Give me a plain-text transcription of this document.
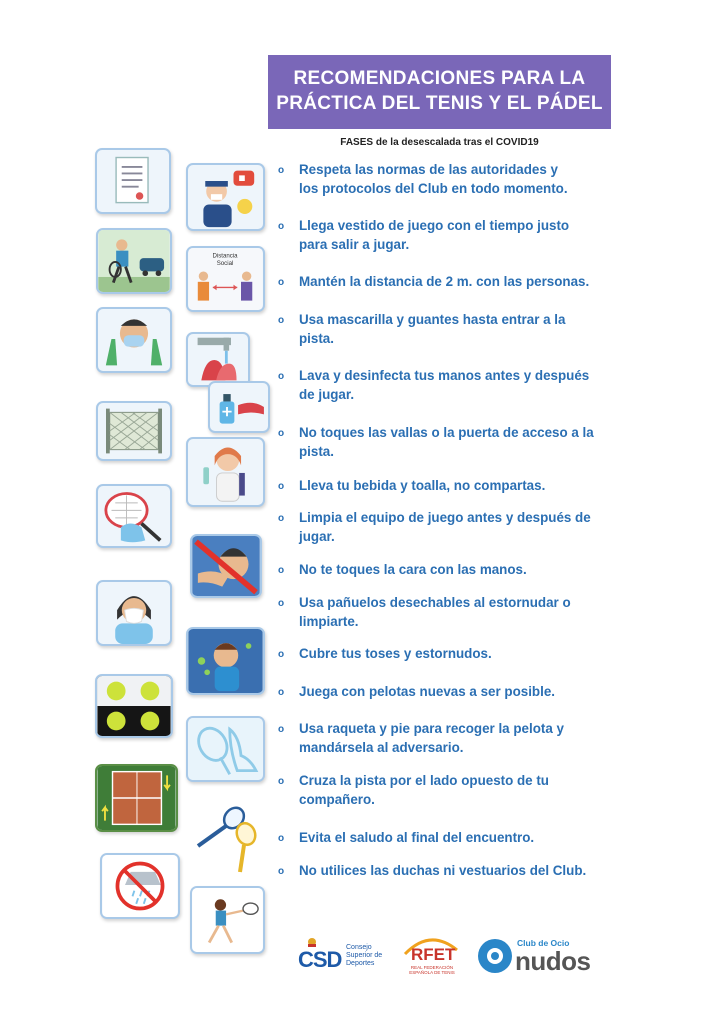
RECOMENDACIONES PARA LA
PRÁCTICA DEL TENIS Y EL PÁDEL
FASES de la desescalada tras el COVID19
o Respeta las normas de las autoridades y
los protocolos del Club en todo momento.
o Llega vestido de juego con el tiempo justo
para salir a jugar.
o Mantén la distancia de 2 m. con las personas.
o Usa mascarilla y guantes hasta entrar a la
pista.
o Lava y desinfecta tus manos antes y después
de jugar.
o No toques las vallas o la puerta de acceso a la
pista.
o Lleva tu bebida y toalla, no compartas.
o Limpia el equipo de juego antes y después de
jugar.
o No te toques la cara con las manos.
o Usa pañuelos desechables al estornudar o
limpiarte.
o Cubre tus toses y estornudos.
o Juega con pelotas nuevas a ser posible.
o Usa raqueta y pie para recoger la pelota y
mandársela al adversario.
o Cruza la pista por el lado opuesto de tu
compañero.
o Evita el saludo al final del encuentro.
o No utilices las duchas ni vestuarios del Club.
Distancia
Social
CSD Consejo
Superior de
Deportes	RFET
REAL FEDERACIÓN
ESPAÑOLA DE TENIS
Club de Ocio
nudos
